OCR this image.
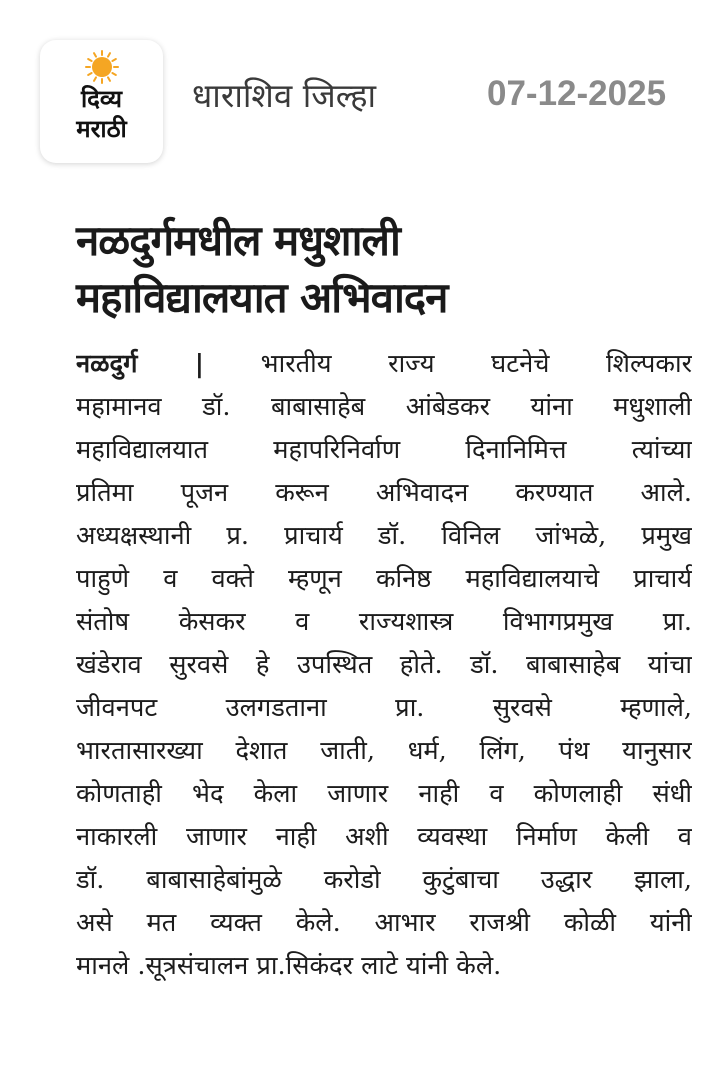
दिव्य
मराठी
धाराशिव जिल्हा	07-12-2025
नळदुर्गमधील मधुशाली
महाविद्यालयात अभिवादन
नळदुर्ग | भारतीय राज्य घटनेचे शिल्पकार
महामानव डॉ. बाबासाहेब आंबेडकर यांना मधुशाली
महाविद्यालयात महापरिनिर्वाण दिनानिमित्त त्यांच्या
प्रतिमा पूजन करून अभिवादन करण्यात आले.
अध्यक्षस्थानी प्र. प्राचार्य डॉ. विनिल जांभळे, प्रमुख
पाहुणे व वक्ते म्हणून कनिष्ठ महाविद्यालयाचे प्राचार्य
संतोष केसकर व राज्यशास्त्र विभागप्रमुख प्रा.
खंडेराव सुरवसे हे उपस्थित होते. डॉ. बाबासाहेब यांचा
जीवनपट उलगडताना प्रा. सुरवसे म्हणाले,
भारतासारख्या देशात जाती, धर्म, लिंग, पंथ यानुसार
कोणताही भेद केला जाणार नाही व कोणलाही संधी
नाकारली जाणार नाही अशी व्यवस्था निर्माण केली व
डॉ. बाबासाहेबांमुळे करोडो कुटुंबाचा उद्धार झाला,
असे मत व्यक्त केले. आभार राजश्री कोळी यांनी
मानले .सूत्रसंचालन प्रा.सिकंदर लाटे यांनी केले.
